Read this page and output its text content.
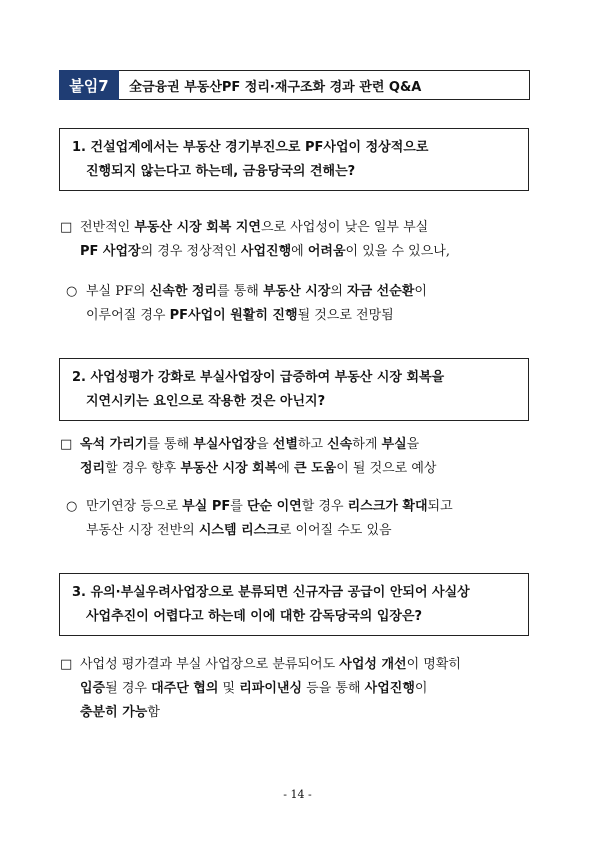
붙임7	全금융권 부동산PF 정리·재구조화 경과 관련 Q&A
1. 건설업계에서는 부동산 경기부진으로 PF사업이 정상적으로
진행되지 않는다고 하는데, 금융당국의 견해는?
□ 전반적인 부동산 시장 회복 지연으로 사업성이 낮은 일부 부실
PF 사업장의 경우 정상적인 사업진행에 어려움이 있을 수 있으나,
○ 부실 PF의 신속한 정리를 통해 부동산 시장의 자금 선순환이
이루어질 경우 PF사업이 원활히 진행될 것으로 전망됨
2. 사업성평가 강화로 부실사업장이 급증하여 부동산 시장 회복을
지연시키는 요인으로 작용한 것은 아닌지?
□ 옥석 가리기를 통해 부실사업장을 선별하고 신속하게 부실을
정리할 경우 향후 부동산 시장 회복에 큰 도움이 될 것으로 예상
○ 만기연장 등으로 부실 PF를 단순 이연할 경우 리스크가 확대되고
부동산 시장 전반의 시스템 리스크로 이어질 수도 있음
3. 유의·부실우려사업장으로 분류되면 신규자금 공급이 안되어 사실상
사업추진이 어렵다고 하는데 이에 대한 감독당국의 입장은?
□ 사업성 평가결과 부실 사업장으로 분류되어도 사업성 개선이 명확히
입증될 경우 대주단 협의 및 리파이낸싱 등을 통해 사업진행이
충분히 가능함
- 14 -
